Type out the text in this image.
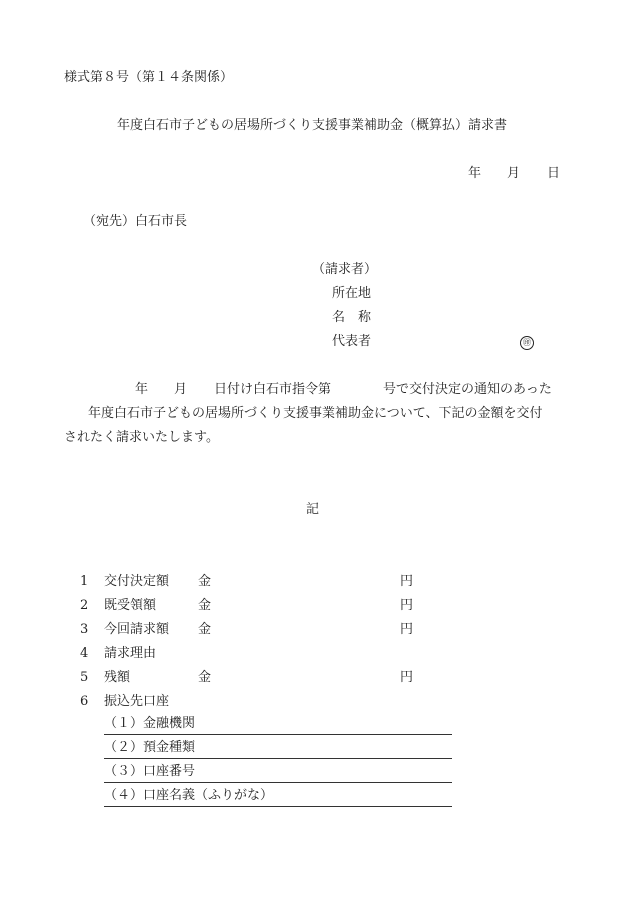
様式第８号（第１４条関係）
年度白石市子どもの居場所づくり支援事業補助金（概算払）請求書
年 月 日
（宛先）白石市長
（請求者）
所在地
名　称
代表者	㊞
年 月 日付け白石市指令第	号で交付決定の通知のあった
年度白石市子どもの居場所づくり支援事業補助金について、下記の金額を交付
されたく請求いたします。
記
1 交付決定額 金	円
2 既受領額	金	円
3 今回請求額 金	円
4 請求理由
5 残額	金	円
6 振込先口座
（１）金融機関
（２）預金種類
（３）口座番号
（４）口座名義（ふりがな）
